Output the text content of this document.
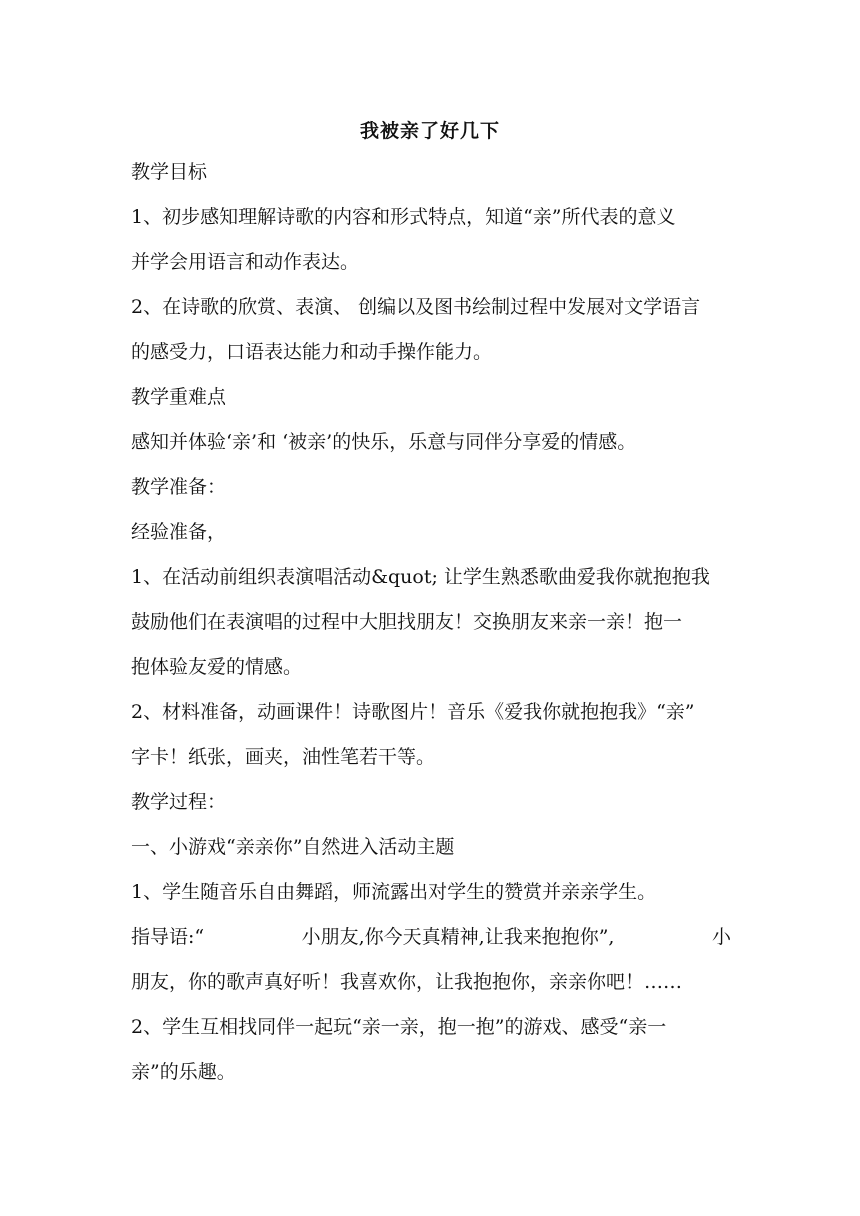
我被亲了好几下
教学目标
1、初步感知理解诗歌的内容和形式特点，知道“亲”所代表的意义
并学会用语言和动作表达。
2、在诗歌的欣赏、表演、 创编以及图书绘制过程中发展对文学语言
的感受力，口语表达能力和动手操作能力。
教学重难点
感知并体验‘亲’和 ‘被亲’的快乐，乐意与同伴分享爱的情感。
教学准备：
经验准备，
1、在活动前组织表演唱活动&quot; 让学生熟悉歌曲爱我你就抱抱我
鼓励他们在表演唱的过程中大胆找朋友！交换朋友来亲一亲！抱一
抱体验友爱的情感。
2、材料准备，动画课件！诗歌图片！音乐《爱我你就抱抱我》“亲”
字卡！纸张，画夹，油性笔若干等。
教学过程：
一、小游戏“亲亲你”自然进入活动主题
1、学生随音乐自由舞蹈，师流露出对学生的赞赏并亲亲学生。
指导语:“	小朋友,你今天真精神,让我来抱抱你”,	小
朋友，你的歌声真好听！我喜欢你，让我抱抱你，亲亲你吧！……
2、学生互相找同伴一起玩“亲一亲，抱一抱”的游戏、感受“亲一
亲”的乐趣。
